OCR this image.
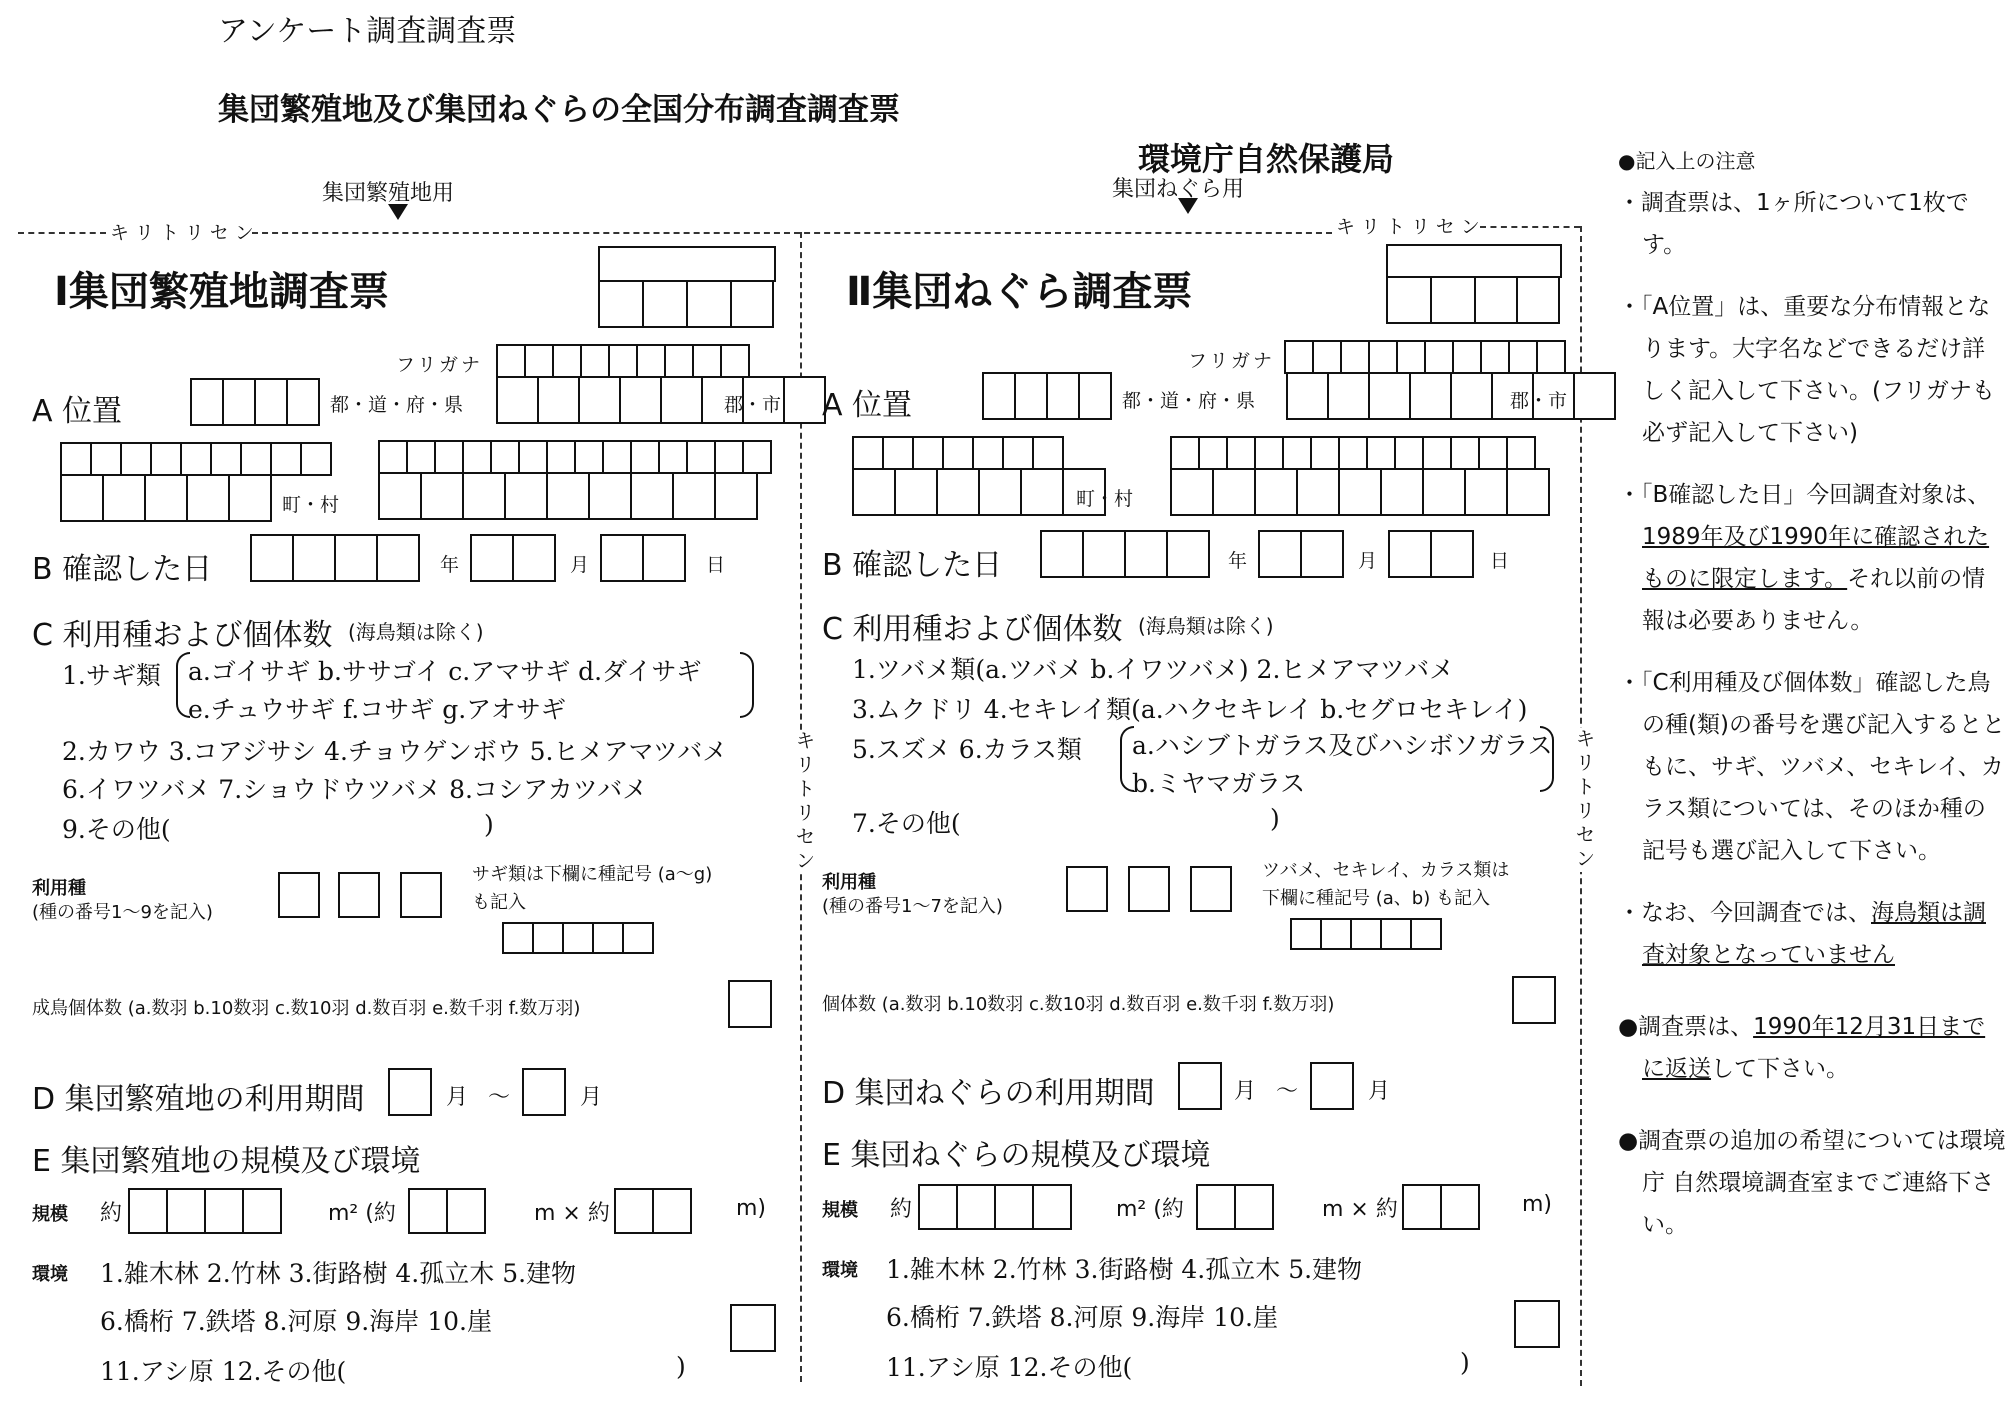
アンケート調査調査票
集団繁殖地及び集団ねぐらの全国分布調査調査票
環境庁自然保護局
集団繁殖地用	集団ねぐら用
キリトリセン	キリトリセン
キリトリセン	キリトリセン
Ⅰ集団繁殖地調査票
フリガナ
A 位置	都・道・府・県	郡・市
町・村
B 確認した日	年	月	日
C 利用種および個体数 (海鳥類は除く)
1.サギ類 a.ゴイサギ b.ササゴイ c.アマサギ d.ダイサギ
e.チュウサギ f.コサギ g.アオサギ
2.カワウ 3.コアジサシ 4.チョウゲンボウ 5.ヒメアマツバメ
6.イワツバメ 7.ショウドウツバメ 8.コシアカツバメ
9.その他(	)
利用種
(種の番号1～9を記入)
サギ類は下欄に種記号 (a～g)
も記入
成鳥個体数 (a.数羽 b.10数羽 c.数10羽 d.数百羽 e.数千羽 f.数万羽)
D 集団繁殖地の利用期間	月 ～	月
E 集団繁殖地の規模及び環境
規模 約	m² (約	m × 約	m)
環境 1.雑木林 2.竹林 3.街路樹 4.孤立木 5.建物
6.橋桁 7.鉄塔 8.河原 9.海岸 10.崖
11.アシ原 12.その他(	)
Ⅱ集団ねぐら調査票
フリガナ
A 位置	都・道・府・県	郡・市
町・村
B 確認した日	年	月	日
C 利用種および個体数 (海鳥類は除く)
1.ツバメ類(a.ツバメ b.イワツバメ) 2.ヒメアマツバメ
3.ムクドリ 4.セキレイ類(a.ハクセキレイ b.セグロセキレイ)
5.スズメ 6.カラス類 a.ハシブトガラス及びハシボソガラス
b.ミヤマガラス
7.その他(	)
利用種
(種の番号1～7を記入)
ツバメ、セキレイ、カラス類は
下欄に種記号 (a、b) も記入
個体数 (a.数羽 b.10数羽 c.数10羽 d.数百羽 e.数千羽 f.数万羽)
D 集団ねぐらの利用期間	月 ～	月
E 集団ねぐらの規模及び環境
規模 約	m² (約	m × 約	m)
環境 1.雑木林 2.竹林 3.街路樹 4.孤立木 5.建物
6.橋桁 7.鉄塔 8.河原 9.海岸 10.崖
11.アシ原 12.その他(	)
●記入上の注意
・調査票は、1ヶ所について1枚です。
・「A位置」は、重要な分布情報となります。大字名などできるだけ詳しく記入して下さい。(フリガナも必ず記入して下さい)
・「B確認した日」今回調査対象は、1989年及び1990年に確認されたものに限定します。それ以前の情報は必要ありません。
・「C利用種及び個体数」確認した鳥の種(類)の番号を選び記入するとともに、サギ、ツバメ、セキレイ、カラス類については、そのほか種の記号も選び記入して下さい。
・なお、今回調査では、海鳥類は調査対象となっていません
●調査票は、1990年12月31日までに返送して下さい。
●調査票の追加の希望については環境庁 自然環境調査室までご連絡下さい。
